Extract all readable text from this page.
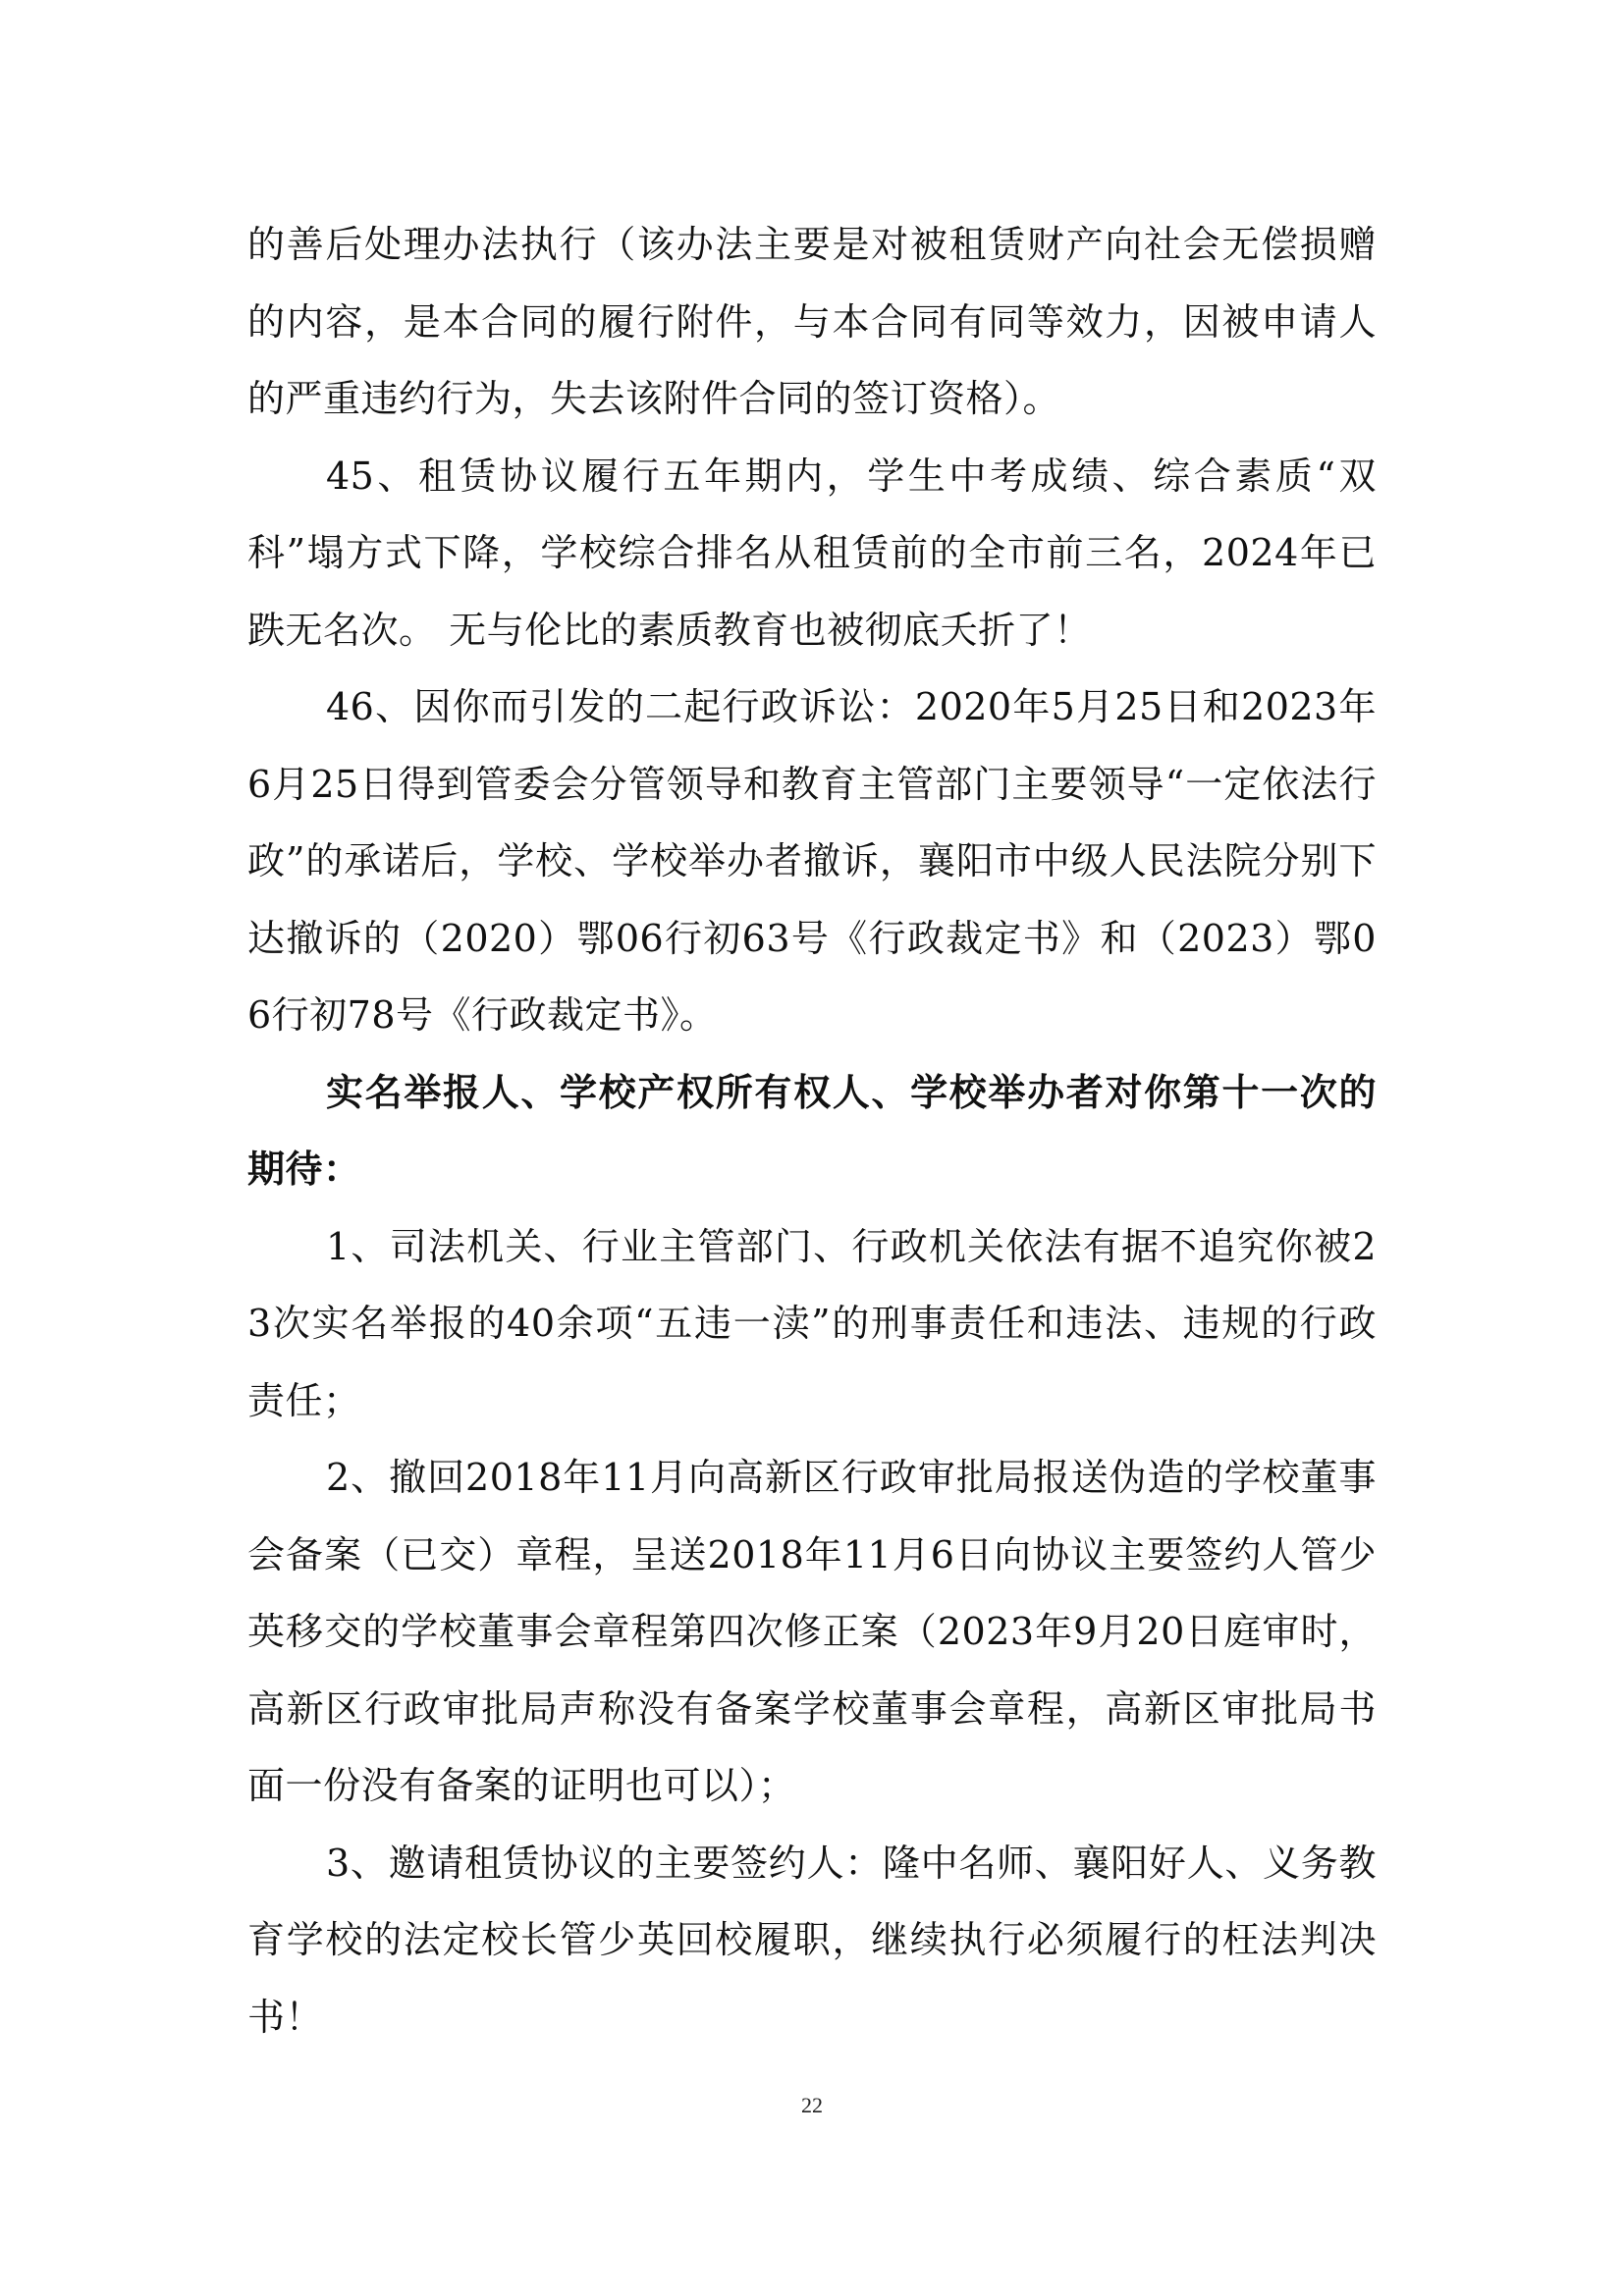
的善后处理办法执行（该办法主要是对被租赁财产向社会无偿损赠的内容，是本合同的履行附件，与本合同有同等效力，因被申请人的严重违约行为，失去该附件合同的签订资格）。

45、租赁协议履行五年期内，学生中考成绩、综合素质“双科”塌方式下降，学校综合排名从租赁前的全市前三名，2024年已跌无名次。 无与伦比的素质教育也被彻底夭折了！

46、因你而引发的二起行政诉讼：2020年5月25日和2023年6月25日得到管委会分管领导和教育主管部门主要领导“一定依法行政”的承诺后，学校、学校举办者撤诉，襄阳市中级人民法院分别下达撤诉的（2020）鄂06行初63号《行政裁定书》和（2023）鄂06行初78号《行政裁定书》。

实名举报人、学校产权所有权人、学校举办者对你第十一次的期待：

1、司法机关、行业主管部门、行政机关依法有据不追究你被23次实名举报的40余项“五违一渎”的刑事责任和违法、违规的行政责任；

2、撤回2018年11月向高新区行政审批局报送伪造的学校董事会备案（已交）章程，呈送2018年11月6日向协议主要签约人管少英移交的学校董事会章程第四次修正案（2023年9月20日庭审时，高新区行政审批局声称没有备案学校董事会章程，高新区审批局书面一份没有备案的证明也可以）；

3、邀请租赁协议的主要签约人：隆中名师、襄阳好人、义务教育学校的法定校长管少英回校履职，继续执行必须履行的枉法判决书！

22
